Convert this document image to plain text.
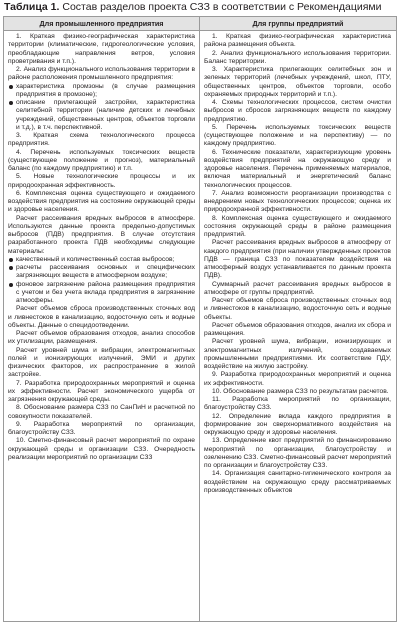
Таблица 1. Состав разделов проекта СЗЗ в соответствии с Рекомендациями
Для промышленного предприятия	Для группы предприятий
1. Краткая физико-географическая характеристика территории (климатические, гидрогеологические условия, преобладающие направления ветров, условия проветривания и т.п.).
2. Анализ функционального использования территории в районе расположения промышленного предприятия:
характеристика промзоны (в случае размещения предприятия в промзоне);
описание прилегающей застройки, характеристика селитебной территории (наличие детских и лечебных учреждений, общественных центров, объектов торговли и т.д.), в т.ч. перспективной.
3. Краткая схема технологического процесса предприятия.
4. Перечень используемых токсических веществ (существующее положение и прогноз), материальный баланс (по каждому предприятию) и т.п.
5. Новые технологические процессы и их природоохранная эффективность.
6. Комплексная оценка существующего и ожидаемого воздействия предприятия на состояние окружающей среды и здоровье населения.
Расчет рассеивания вредных выбросов в атмосфере. Используются данные проекта предельно-допустимых выбросов (ПДВ) предприятия. В случае отсутствия разработанного проекта ПДВ необходимы следующие материалы:
качественный и количественный состав выбросов;
расчеты рассеивания основных и специфических загрязняющих веществ в атмосферном воздухе;
фоновое загрязнение района размещения предприятия с учетом и без учета вклада предприятия в загрязнение атмосферы.
Расчет объемов сброса производственных сточных вод и ливнестоков в канализацию, водосточную сеть и водные объекты. Данные о специдоотведении.
Расчет объемов образования отходов, анализ способов их утилизации, размещения.
Расчет уровней шума и вибрации, электромагнитных полей и ионизирующих излучений, ЭМИ и других физических факторов, их распространение в жилой застройке.
7. Разработка природоохранных мероприятий и оценка их эффективности. Расчет экономического ущерба от загрязнения окружающей среды.
8. Обоснование размера СЗЗ по СанПиН и расчетной по совокупности показателей.
9. Разработка мероприятий по организации, благоустройству СЗЗ.
10. Сметно-финансовый расчет мероприятий по охране окружающей среды и организации СЗЗ. Очередность реализации мероприятий по организации СЗЗ
1. Краткая физико-географическая характеристика района размещения объекта.
2. Анализ функционального использования территории. Баланс территории.
3. Характеристика прилегающих селитебных зон и зеленых территорий (лечебных учреждений, школ, ПТУ, общественных центров, объектов торговли, особо охраняемых природных территорий и т.п.).
4. Схемы технологических процессов, систем очистки выбросов и сбросов загрязняющих веществ по каждому предприятию.
5. Перечень используемых токсических веществ (существующее положение и на перспективу) — по каждому предприятию.
6. Технические показатели, характеризующие уровень воздействия предприятий на окружающую среду и здоровье населения. Перечень применяемых материалов, включая материальный и энергетический баланс технологических процессов.
7. Анализ возможности реорганизации производства с внедрением новых технологических процессов; оценка их природоохранной эффективности.
8. Комплексная оценка существующего и ожидаемого состояния окружающей среды в районе размещения предприятий.
Расчет рассеивания вредных выбросов в атмосферу от каждого предприятия (при наличии утвержденных проектов ПДВ — граница СЗЗ по показателям воздействия на атмосферный воздух устанавливается по данным проекта ПДВ).
Суммарный расчет рассеивания вредных выбросов в атмосфере от группы предприятий.
Расчет объемов сброса производственных сточных вод и ливнестоков в канализацию, водосточную сеть и водные объекты.
Расчет объемов образования отходов, анализ их сбора и размещения.
Расчет уровней шума, вибрации, ионизирующих и электромагнитных излучений, создаваемых промышленными предприятиями. Их соответствие ПДУ, воздействие на жилую застройку.
9. Разработка природоохранных мероприятий и оценка их эффективности.
10. Обоснование размера СЗЗ по результатам расчетов.
11. Разработка мероприятий по организации, благоустройству СЗЗ.
12. Определение вклада каждого предприятия в формирование зон сверхнормативного воздействия на окружающую среду и здоровье населения.
13. Определение квот предприятий по финансированию мероприятий по организации, благоустройству и озеленению СЗЗ. Сметно-финансовый расчет мероприятий по организации и благоустройству СЗЗ.
14. Организация санитарно-гигиенического контроля за воздействием на окружающую среду рассматриваемых производственных объектов
